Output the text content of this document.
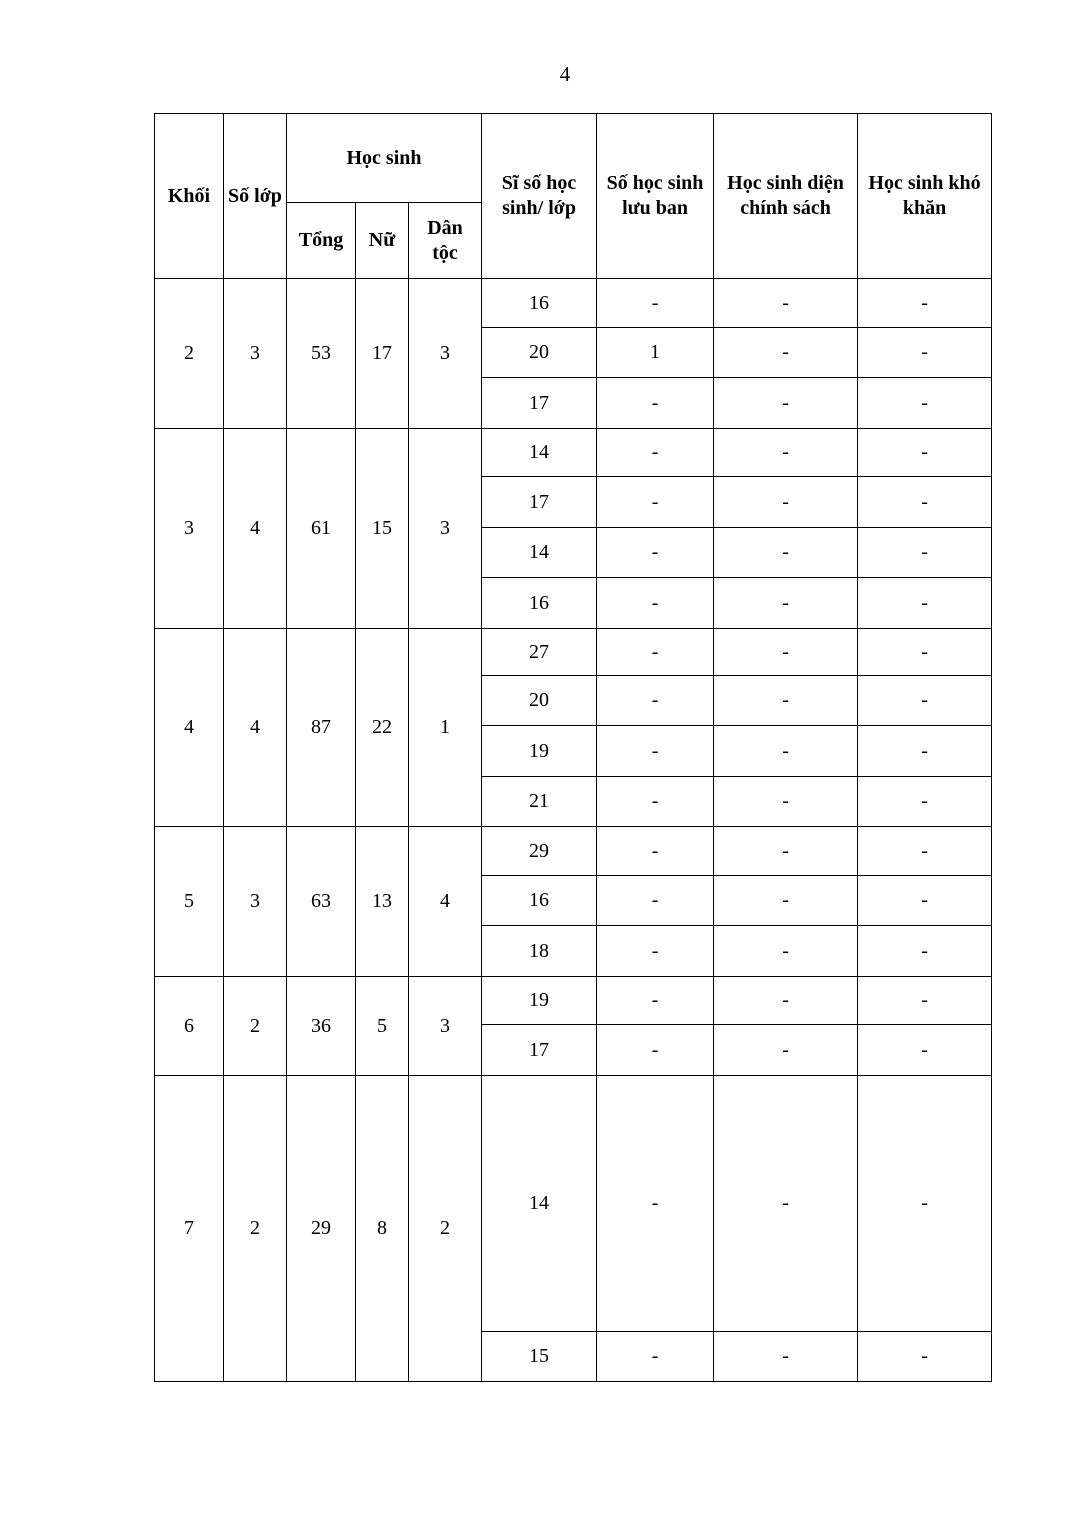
4
Khối	Số lớp	Học sinh			Sĩ số học sinh/ lớp	Số học sinh lưu ban	Học sinh diện chính sách	Học sinh khó khăn
		Tổng	Nữ	Dân tộc				
2	3	53	17	3	16	-	-	-
					20	1	-	-
					17	-	-	-
3	4	61	15	3	14	-	-	-
					17	-	-	-
					14	-	-	-
					16	-	-	-
4	4	87	22	1	27	-	-	-
					20	-	-	-
					19	-	-	-
					21	-	-	-
5	3	63	13	4	29	-	-	-
					16	-	-	-
					18	-	-	-
6	2	36	5	3	19	-	-	-
					17	-	-	-
7	2	29	8	2	14	-	-	-
					15	-	-	-
